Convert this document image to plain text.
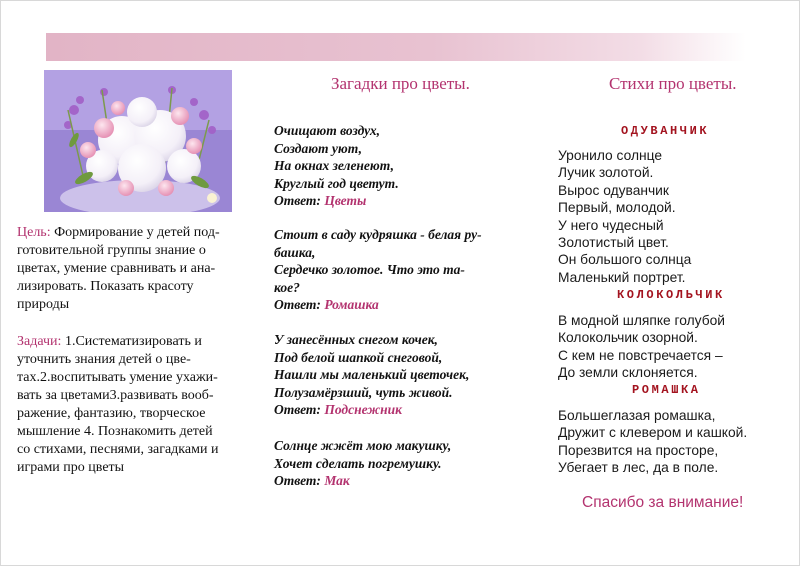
Цель: Формирование у детей под-
готовительной группы знание о
цветах, умение сравнивать и ана-
лизировать. Показать красоту
природы
Задачи: 1.Систематизировать и
уточнить знания детей о цве-
тах.2.воспитывать умение ухажи-
вать за цветами3.развивать вооб-
ражение, фантазию, творческое
мышление 4. Познакомить детей
со стихами, песнями, загадками и
играми про цветы
Загадки про цветы.	Стихи про цветы.
Очищают воздух,
Создают уют,
На окнах зеленеют,
Круглый год цветут.
Ответ: Цветы
Стоит в саду кудряшка - белая ру-
башка,
Сердечко золотое. Что это та-
кое?
Ответ: Ромашка
У занесённых снегом кочек,
Под белой шапкой снеговой,
Нашли мы маленький цветочек,
Полузамёрзший, чуть живой.
Ответ: Подснежник
Солнце жжёт мою макушку,
Хочет сделать погремушку.
Ответ: Мак
ОДУВАНЧИК
Уронило солнце
Лучик золотой.
Вырос одуванчик
Первый, молодой.
У него чудесный
Золотистый цвет.
Он большого солнца
Маленький портрет.
КОЛОКОЛЬЧИК
В модной шляпке голубой
Колокольчик озорной.
С кем не повстречается –
До земли склоняется.
РОМАШКА
Большеглазая ромашка,
Дружит с клевером и кашкой.
Порезвится на просторе,
Убегает в лес, да в поле.
Спасибо за внимание!
